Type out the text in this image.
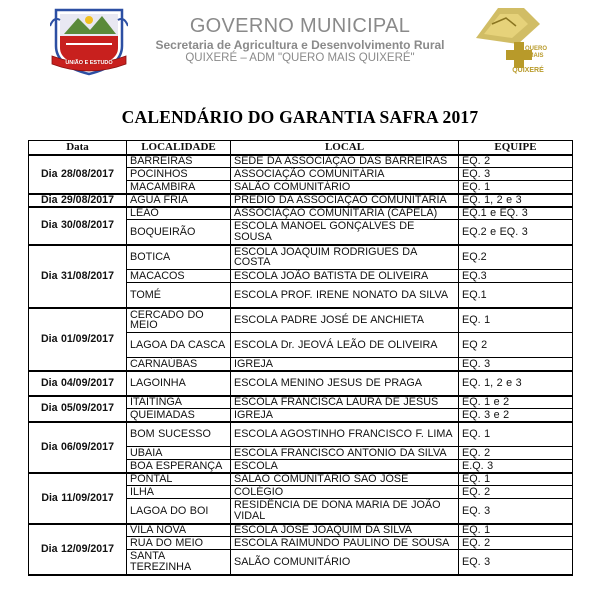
UNIÃO E ESTUDO
GOVERNO MUNICIPAL
Secretaria de Agricultura e Desenvolvimento Rural
QUIXERÉ – ADM "QUERO MAIS QUIXERÉ"
QUERO
MAIS
QUIXERÉ
CALENDÁRIO DO GARANTIA SAFRA 2017
Data	LOCALIDADE	LOCAL	EQUIPE
Dia 28/08/2017	BARREIRAS	SEDE DA ASSOCIAÇÃO DAS BARREIRAS	EQ. 2
	POCINHOS	ASSOCIAÇÃO COMUNITÁRIA	EQ. 3
	MACAMBIRA	SALÃO COMUNITÁRIO	EQ. 1
Dia 29/08/2017	ÁGUA FRIA	PREDIO DA ASSOCIAÇÃO COMUNITÁRIA	EQ. 1, 2 e 3
Dia 30/08/2017	LEÃO	ASSOCIAÇÃO COMUNITÁRIA (CAPELA)	EQ.1 e EQ. 3
	BOQUEIRÃO	ESCOLA MANOEL GONÇALVES DE SOUSA	EQ.2 e EQ. 3
Dia 31/08/2017	BOTICA	ESCOLA JOAQUIM RODRIGUES DA COSTA	EQ.2
	MACACOS	ESCOLA JOÃO BATISTA DE OLIVEIRA	EQ.3
	TOMÉ	ESCOLA PROF. IRENE NONATO DA SILVA	EQ.1
Dia 01/09/2017	CERCADO DO MEIO	ESCOLA PADRE JOSÉ DE ANCHIETA	EQ. 1
	LAGOA DA CASCA	ESCOLA Dr. JEOVÁ LEÃO DE OLIVEIRA	EQ 2
	CARNAÚBAS	IGREJA	EQ. 3
Dia 04/09/2017	LAGOINHA	ESCOLA MENINO JESUS DE PRAGA	EQ. 1, 2 e 3
Dia 05/09/2017	ITAITINGA	ESCOLA FRANCISCA LAURA DE JESUS	EQ. 1 e 2
	QUEIMADAS	IGREJA	EQ. 3 e 2
Dia 06/09/2017	BOM SUCESSO	ESCOLA AGOSTINHO FRANCISCO F. LIMA	EQ. 1
	UBAIA	ESCOLA FRANCISCO ANTONIO DA SILVA	EQ. 2
	BOA ESPERANÇA	ESCOLA	E.Q. 3
Dia 11/09/2017	PONTAL	SALÃO COMUNITÁRIO SÃO JOSÉ	EQ. 1
	ILHA	COLÉGIO	EQ. 2
	LAGOA DO BOI	RESIDÊNCIA DE DONA MARIA DE JOÃO VIDAL	EQ. 3
Dia 12/09/2017	VILA NOVA	ESCOLA JOSÉ JOAQUIM DA SILVA	EQ. 1
	RUA DO MEIO	ESCOLA RAIMUNDO PAULINO DE SOUSA	EQ. 2
	SANTA TEREZINHA	SALÃO COMUNITÁRIO	EQ. 3
